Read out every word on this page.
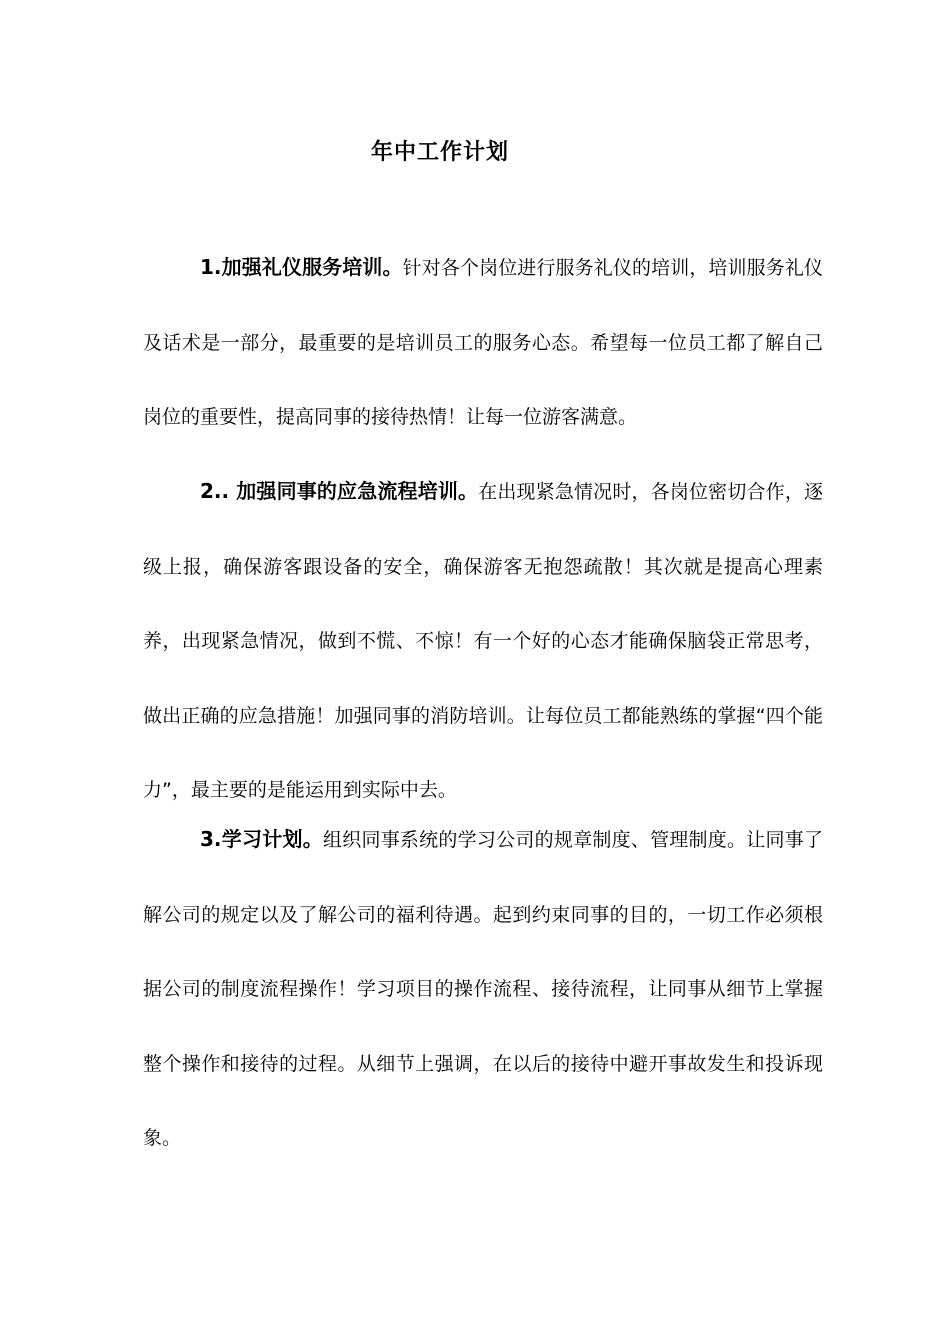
年中工作计划

1.加强礼仪服务培训。针对各个岗位进行服务礼仪的培训，培训服务礼仪及话术是一部分，最重要的是培训员工的服务心态。希望每一位员工都了解自己岗位的重要性，提高同事的接待热情！让每一位游客满意。

2.. 加强同事的应急流程培训。在出现紧急情况时，各岗位密切合作，逐级上报，确保游客跟设备的安全，确保游客无抱怨疏散！其次就是提高心理素养，出现紧急情况，做到不慌、不惊！有一个好的心态才能确保脑袋正常思考，做出正确的应急措施！加强同事的消防培训。让每位员工都能熟练的掌握“四个能力”，最主要的是能运用到实际中去。

3.学习计划。组织同事系统的学习公司的规章制度、管理制度。让同事了解公司的规定以及了解公司的福利待遇。起到约束同事的目的，一切工作必须根据公司的制度流程操作！学习项目的操作流程、接待流程，让同事从细节上掌握整个操作和接待的过程。从细节上强调，在以后的接待中避开事故发生和投诉现象。
